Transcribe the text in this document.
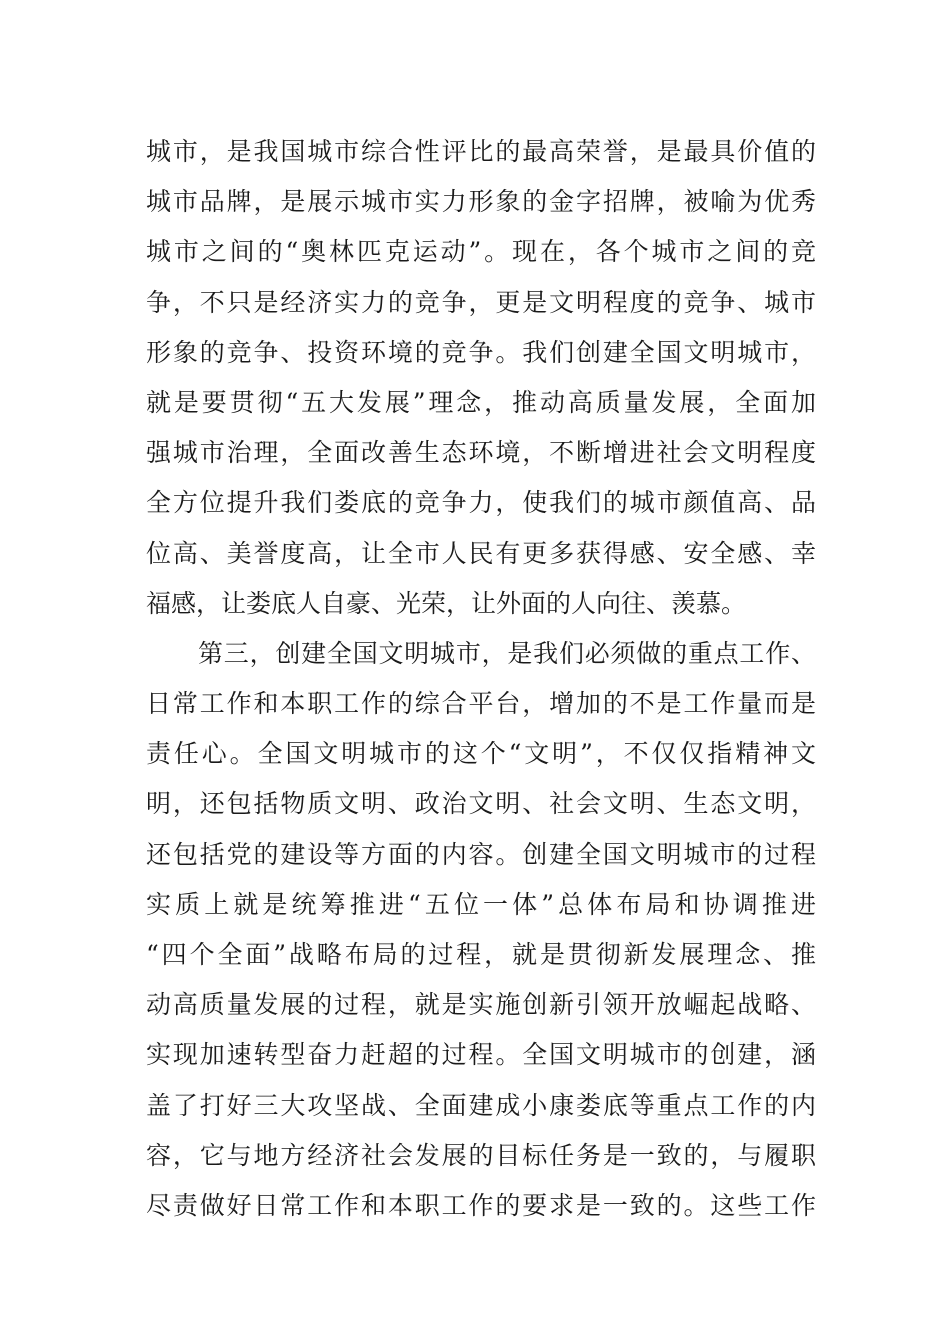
城市，是我国城市综合性评比的最高荣誉，是最具价值的
城市品牌，是展示城市实力形象的金字招牌，被喻为优秀
城市之间的“奥林匹克运动”。现在，各个城市之间的竞
争，不只是经济实力的竞争，更是文明程度的竞争、城市
形象的竞争、投资环境的竞争。我们创建全国文明城市，
就是要贯彻“五大发展”理念，推动高质量发展，全面加
强城市治理，全面改善生态环境，不断增进社会文明程度
全方位提升我们娄底的竞争力，使我们的城市颜值高、品
位高、美誉度高，让全市人民有更多获得感、安全感、幸
福感，让娄底人自豪、光荣，让外面的人向往、羡慕。
第三，创建全国文明城市，是我们必须做的重点工作、
日常工作和本职工作的综合平台，增加的不是工作量而是
责任心。全国文明城市的这个“文明”，不仅仅指精神文
明，还包括物质文明、政治文明、社会文明、生态文明，
还包括党的建设等方面的内容。创建全国文明城市的过程
实质上就是统筹推进“五位一体”总体布局和协调推进
“四个全面”战略布局的过程，就是贯彻新发展理念、推
动高质量发展的过程，就是实施创新引领开放崛起战略、
实现加速转型奋力赶超的过程。全国文明城市的创建，涵
盖了打好三大攻坚战、全面建成小康娄底等重点工作的内
容，它与地方经济社会发展的目标任务是一致的，与履职
尽责做好日常工作和本职工作的要求是一致的。这些工作
